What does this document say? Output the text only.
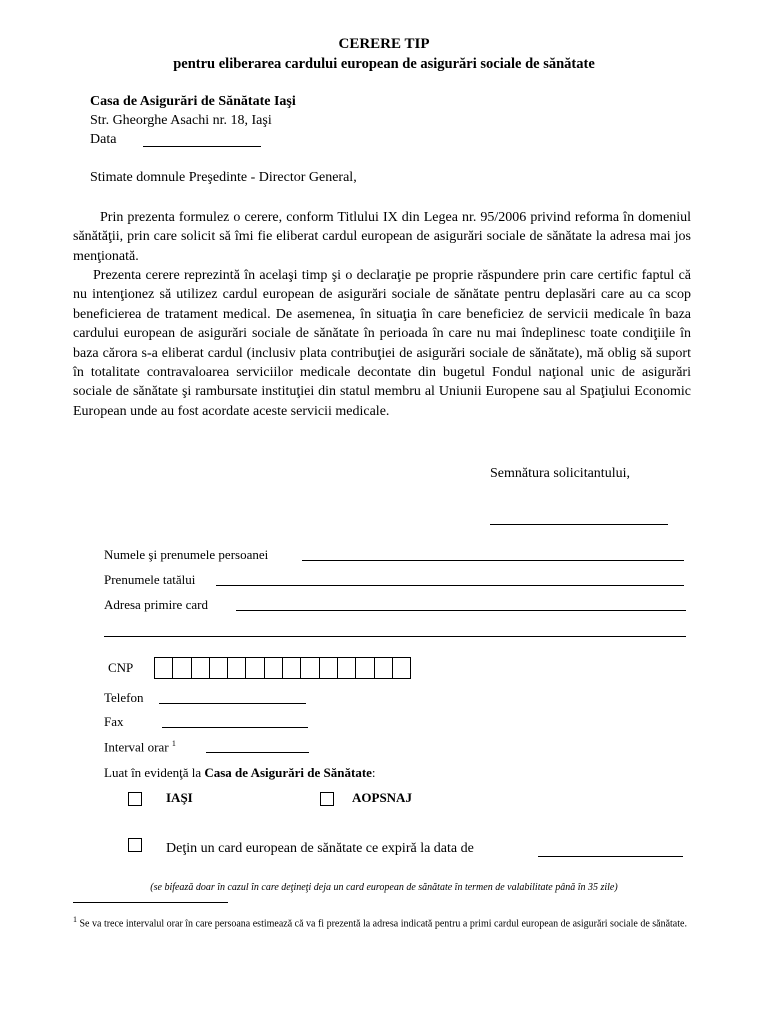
CERERE TIP
pentru eliberarea cardului european de asigurări sociale de sănătate
Casa de Asigurări de Sănătate Iaşi
Str. Gheorghe Asachi nr. 18, Iaşi
Data
Stimate domnule Preşedinte - Director General,
Prin prezenta formulez o cerere, conform Titlului IX din Legea nr. 95/2006 privind reforma în domeniul sănătăţii, prin care solicit să îmi fie eliberat cardul european de asigurări sociale de sănătate la adresa mai jos menţionată.
Prezenta cerere reprezintă în acelaşi timp şi o declaraţie pe proprie răspundere prin care certific faptul că nu intenţionez să utilizez cardul european de asigurări sociale de sănătate pentru deplasări care au ca scop beneficierea de tratament medical. De asemenea, în situaţia în care beneficiez de servicii medicale în baza cardului european de asigurări sociale de sănătate în perioada în care nu mai îndeplinesc toate condiţiile în baza cărora s-a eliberat cardul (inclusiv plata contribuţiei de asigurări sociale de sănătate), mă oblig să suport în totalitate contravaloarea serviciilor medicale decontate din bugetul Fondul naţional unic de asigurări sociale de sănătate şi rambursate instituţiei din statul membru al Uniunii Europene sau al Spaţiului Economic European unde au fost acordate aceste servicii medicale.
Semnătura solicitantului,
Numele şi prenumele persoanei
Prenumele tatălui
Adresa primire card
CNP
Telefon
Fax
Interval orar $^1$
Luat în evidenţă la Casa de Asigurări de Sănătate:
IAŞI	AOPSNAJ
Deţin un card european de sănătate ce expiră la data de
(se bifează doar în cazul în care deţineţi deja un card european de sănătate în termen de valabilitate până în 35 zile)
$^1$ Se va trece intervalul orar în care persoana estimează că va fi prezentă la adresa indicată pentru a primi cardul european de asigurări sociale de sănătate.
